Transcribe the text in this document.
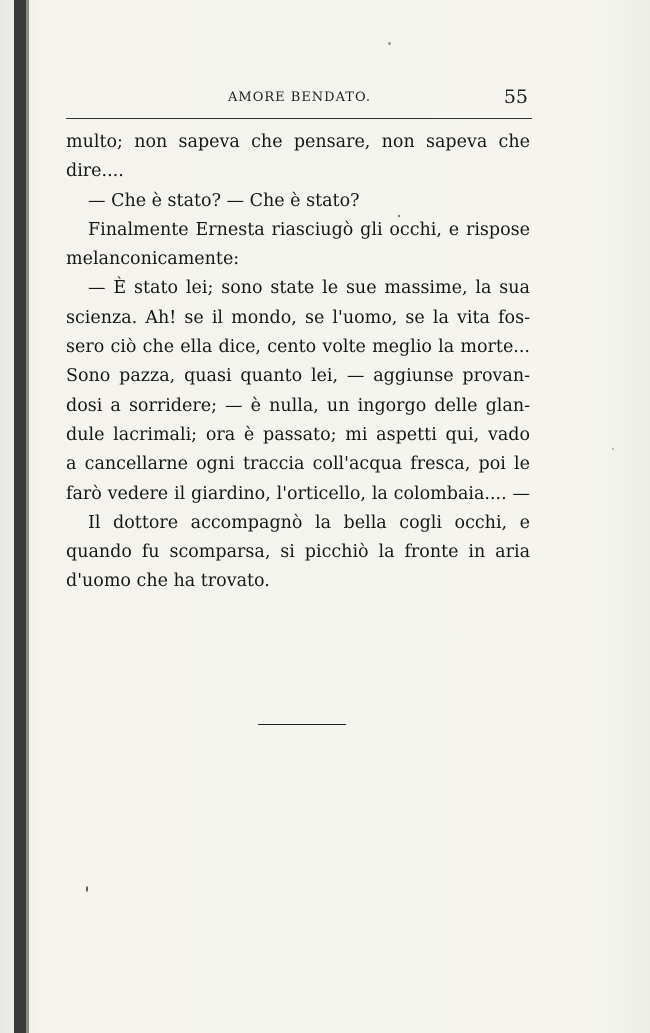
AMORE BENDATO.	55
multo; non sapeva che pensare, non sapeva che
dire....
— Che è stato? — Che è stato?
Finalmente Ernesta riasciugò gli occhi, e rispose
melanconicamente:
— È stato lei; sono state le sue massime, la sua
scienza. Ah! se il mondo, se l'uomo, se la vita fos-
sero ciò che ella dice, cento volte meglio la morte...
Sono pazza, quasi quanto lei, — aggiunse provan-
dosi a sorridere; — è nulla, un ingorgo delle glan-
dule lacrimali; ora è passato; mi aspetti qui, vado
a cancellarne ogni traccia coll'acqua fresca, poi le
farò vedere il giardino, l'orticello, la colombaia.... —
Il dottore accompagnò la bella cogli occhi, e
quando fu scomparsa, si picchiò la fronte in aria
d'uomo che ha trovato.
